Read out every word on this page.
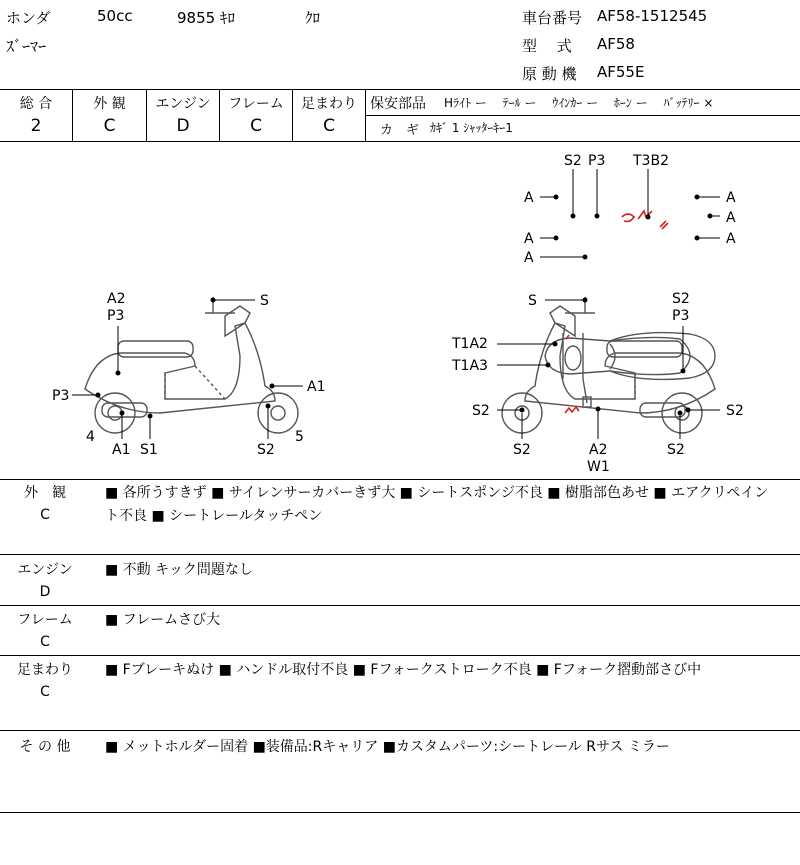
ホンダ	50cc	9855 ｷﾛ	ｸﾛ
ｽﾞｰﾏｰ
車台番号 AF58-1512545
型　 式 AF58
原 動 機 AF55E
総 合	外 観	エンジン	フレーム	足まわり
2	C	D	C	C
保安部品 Hﾗｲﾄ ー　 ﾃｰﾙ ー 　ｳｲﾝｶｰ ー　 ﾎｰﾝ ー　 ﾊﾞｯﾃﾘｰ ×
カ　ギ ｶｷﾞ 1 ｼｬｯﾀｰｷｰ1
S2 P3 T3B2
A	A
A
A	A
A
A2
P3
S
P3
A1
4
A1 S1	S2
5
S	S2
P3
T1A2
T1A3
S2
S2
S2
S2
A2
W1
外　観
C
■ 各所うすきず ■ サイレンサーカバーきず大 ■ シートスポンジ不良 ■ 樹脂部色あせ ■ エアクリペイン
ト不良 ■ シートレールタッチペン
エンジン
D
■ 不動 キック問題なし
フレーム
C
■ フレームさび大
足まわり
C
■ Fブレーキぬけ ■ ハンドル取付不良 ■ Fフォークストローク不良 ■ Fフォーク摺動部さび中
そ の 他	■ メットホルダー固着 ■装備品:Rキャリア ■カスタムパーツ:シートレール Rサス ミラー
